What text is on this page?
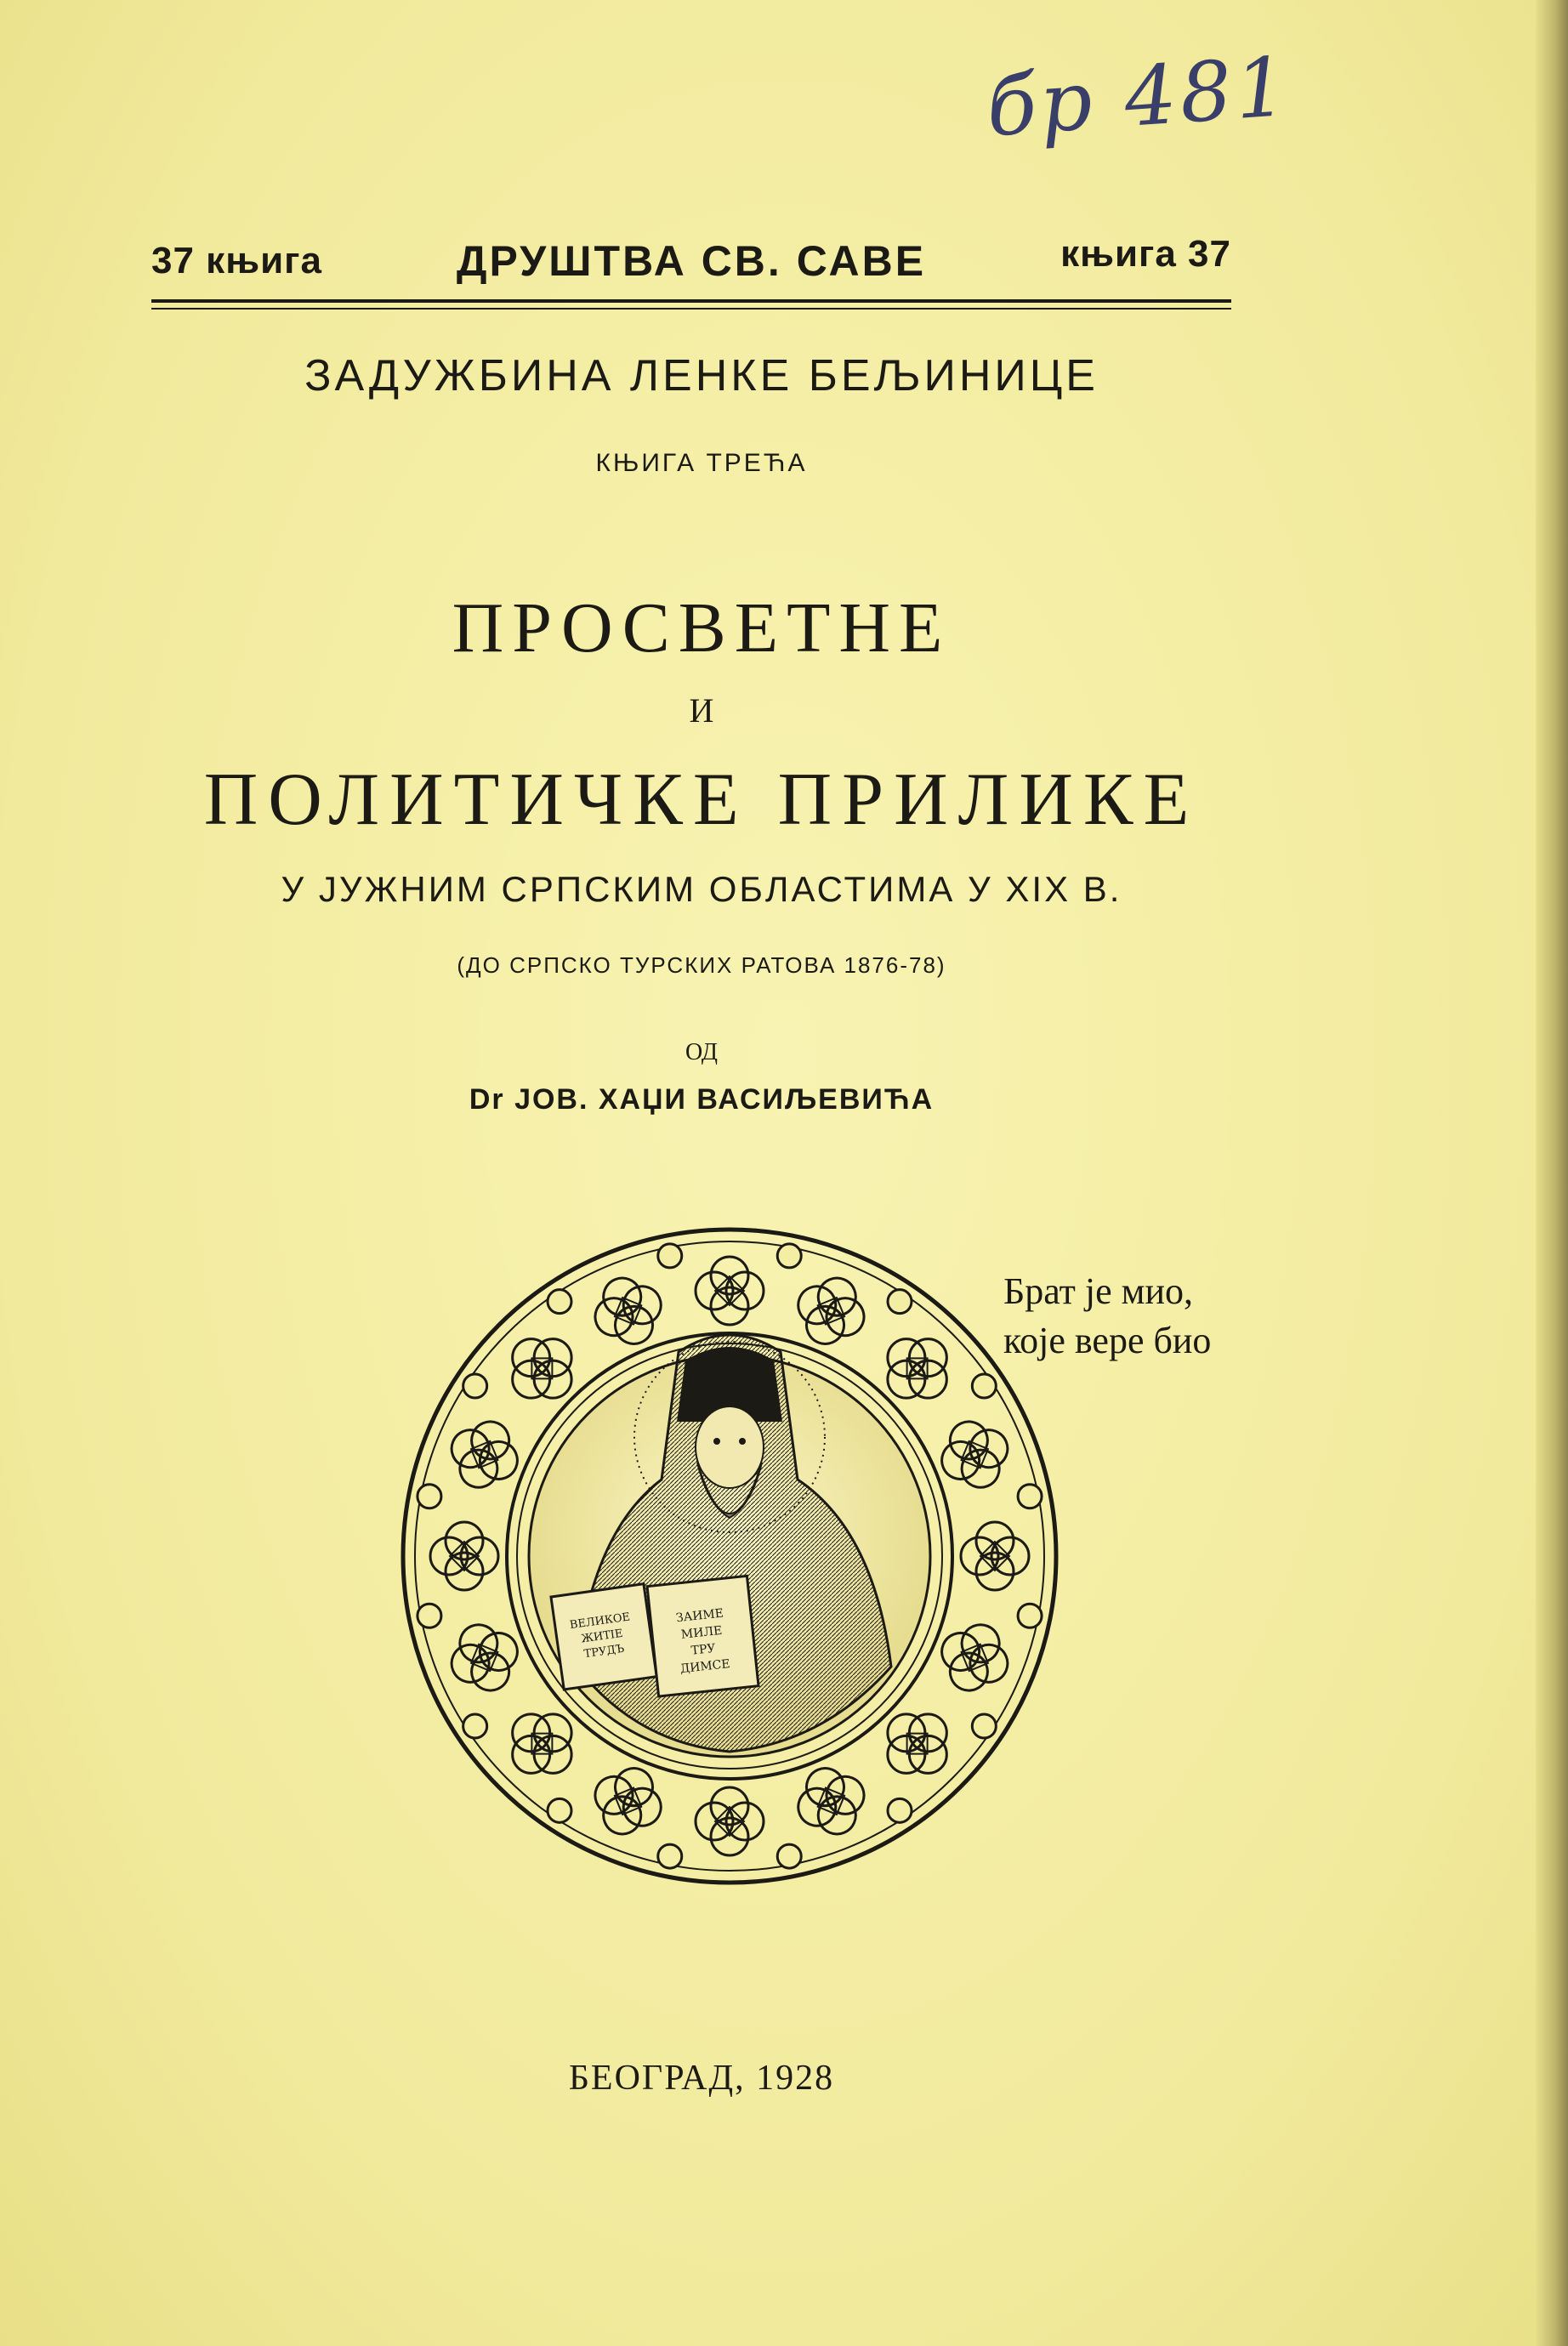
бр 481
37 књига	ДРУШТВА СВ. САВЕ	књига 37
ЗАДУЖБИНА ЛЕНКЕ БЕЉИНИЦЕ
КЊИГА ТРЕЋА
ПРОСВЕТНЕ
И
ПОЛИТИЧКЕ ПРИЛИКЕ
У ЈУЖНИМ СРПСКИМ ОБЛАСТИМА У XIX В.
(ДО СРПСКО ТУРСКИХ РАТОВА 1876-78)
ОД
Dr ЈОВ. ХАЏИ ВАСИЉЕВИЋА
ВЕЛИКОЕЖИТІЕТРУДЪ
ЗАИМЕМИЛЕТРУДИМСЕ
Брат је мио,
које вере био
БЕОГРАД, 1928
